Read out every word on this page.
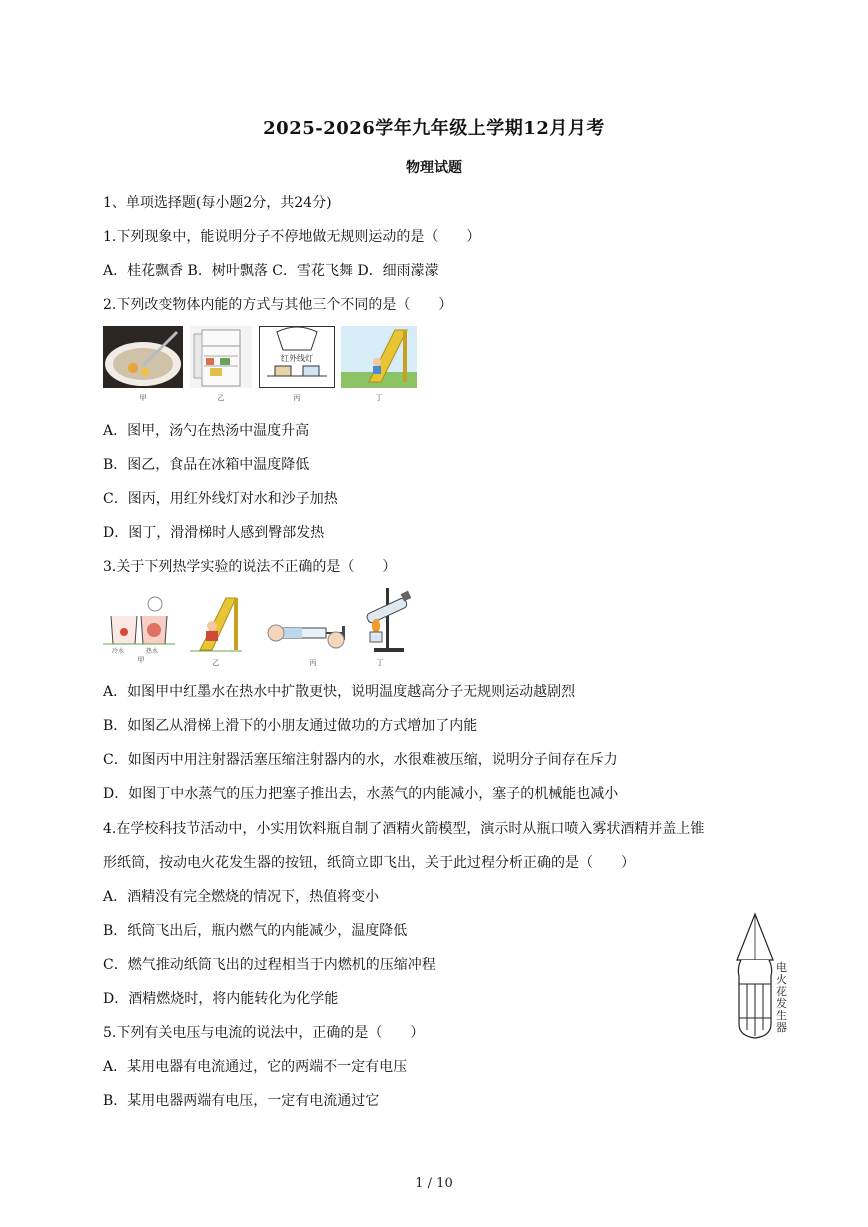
2025-2026学年九年级上学期12月月考
物理试题
1、单项选择题(每小题2分，共24分)
1.下列现象中，能说明分子不停地做无规则运动的是（　　）
A．桂花飘香 B．树叶飘落 C．雪花飞舞 D．细雨濛濛
2.下列改变物体内能的方式与其他三个不同的是（　　）
甲	乙
红外线灯
丙	丁
A．图甲，汤勺在热汤中温度升高
B．图乙，食品在冰箱中温度降低
C．图丙，用红外线灯对水和沙子加热
D．图丁，滑滑梯时人感到臀部发热
3.关于下列热学实验的说法不正确的是（　　）
冷水	热水
甲	乙	丙	丁
A．如图甲中红墨水在热水中扩散更快，说明温度越高分子无规则运动越剧烈
B．如图乙从滑梯上滑下的小朋友通过做功的方式增加了内能
C．如图丙中用注射器活塞压缩注射器内的水，水很难被压缩，说明分子间存在斥力
D．如图丁中水蒸气的压力把塞子推出去，水蒸气的内能减小，塞子的机械能也减小
4.在学校科技节活动中，小实用饮料瓶自制了酒精火箭模型，演示时从瓶口喷入雾状酒精并盖上锥
形纸筒，按动电火花发生器的按钮，纸筒立即飞出，关于此过程分析正确的是（　　）
A．酒精没有完全燃烧的情况下，热值将变小
B．纸筒飞出后，瓶内燃气的内能减少，温度降低
C．燃气推动纸筒飞出的过程相当于内燃机的压缩冲程
D．酒精燃烧时，将内能转化为化学能
电火花发生器
5.下列有关电压与电流的说法中，正确的是（　　）
A．某用电器有电流通过，它的两端不一定有电压
B．某用电器两端有电压，一定有电流通过它
1 / 10
